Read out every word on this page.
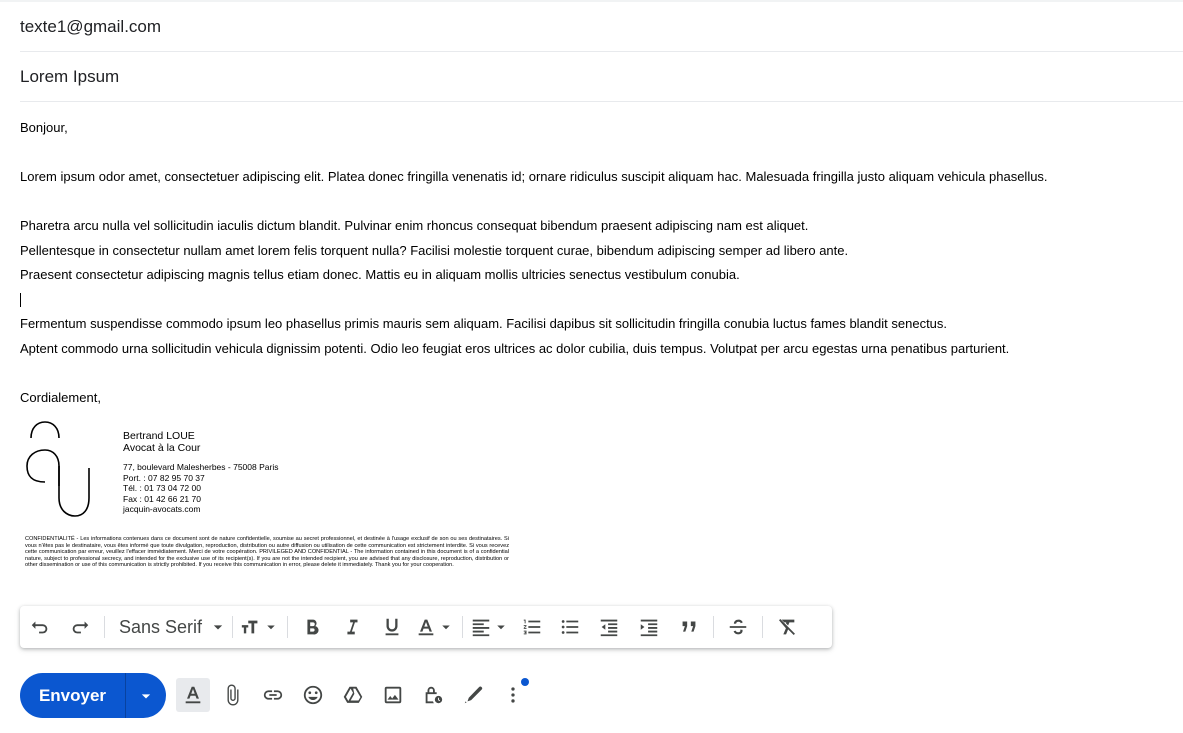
texte1@gmail.com
Lorem Ipsum

Bonjour,

Lorem ipsum odor amet, consectetuer adipiscing elit. Platea donec fringilla venenatis id; ornare ridiculus suscipit aliquam hac. Malesuada fringilla justo aliquam vehicula phasellus.

Pharetra arcu nulla vel sollicitudin iaculis dictum blandit. Pulvinar enim rhoncus consequat bibendum praesent adipiscing nam est aliquet.

Pellentesque in consectetur nullam amet lorem felis torquent nulla? Facilisi molestie torquent curae, bibendum adipiscing semper ad libero ante.

Praesent consectetur adipiscing magnis tellus etiam donec. Mattis eu in aliquam mollis ultricies senectus vestibulum conubia.

Fermentum suspendisse commodo ipsum leo phasellus primis mauris sem aliquam. Facilisi dapibus sit sollicitudin fringilla conubia luctus fames blandit senectus.

Aptent commodo urna sollicitudin vehicula dignissim potenti. Odio leo feugiat eros ultrices ac dolor cubilia, duis tempus. Volutpat per arcu egestas urna penatibus parturient.

Cordialement,

Bertrand LOUE
Avocat à la Cour
77, boulevard Malesherbes - 75008 Paris
Port. : 07 82 95 70 37
Tél. : 01 73 04 72 00
Fax : 01 42 66 21 70
jacquin-avocats.com
CONFIDENTIALITÉ - Les informations contenues dans ce document sont de nature confidentielle, soumise au secret professionnel, et destinée à l'usage exclusif de son ou ses destinataires. Si vous n'êtes pas le destinataire, vous êtes informé que toute divulgation, reproduction, distribution ou autre diffusion ou utilisation de cette communication est strictement interdite. Si vous recevez cette communication par erreur, veuillez l'effacer immédiatement. Merci de votre coopération. PRIVILEGED AND CONFIDENTIAL - The information contained in this document is of a confidential nature, subject to professional secrecy, and intended for the exclusive use of its recipient(s). If you are not the intended recipient, you are advised that any disclosure, reproduction, distribution or other dissemination or use of this communication is strictly prohibited. If you receive this communication in error, please delete it immediately. Thank you for your cooperation.
Sans Serif
Envoyer
